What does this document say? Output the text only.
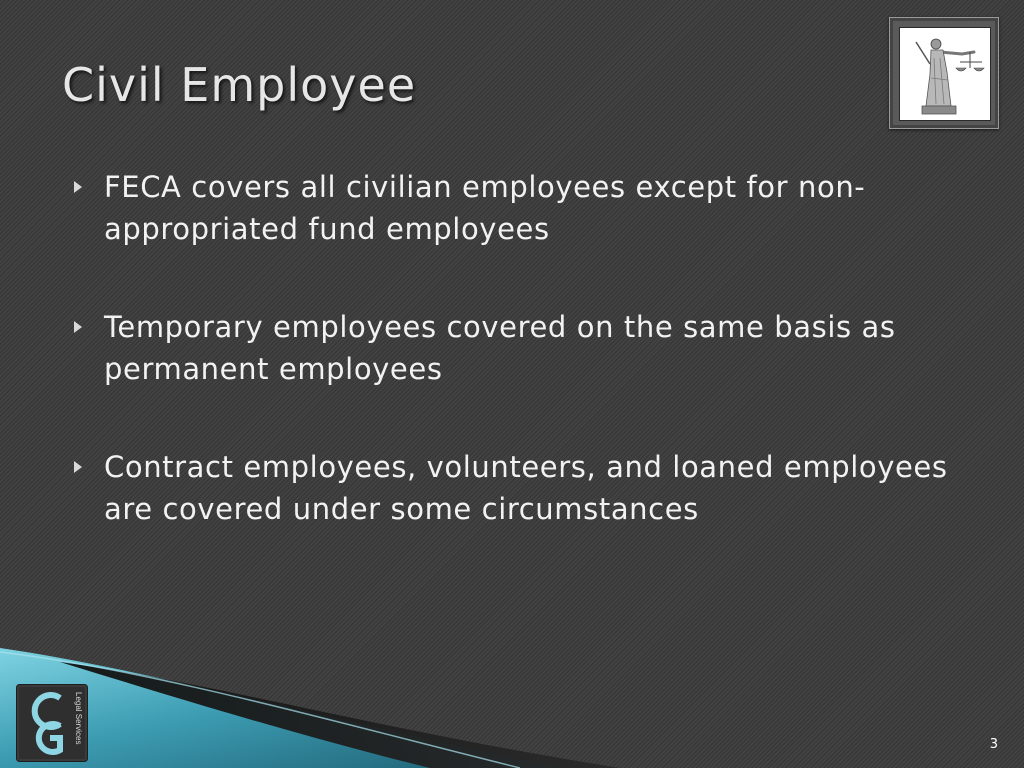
Civil Employee
FECA covers all civilian employees except for non-appropriated fund employees
Temporary employees covered on the same basis as permanent employees
Contract employees, volunteers, and loaned employees are covered under some circumstances
Legal Services
3
